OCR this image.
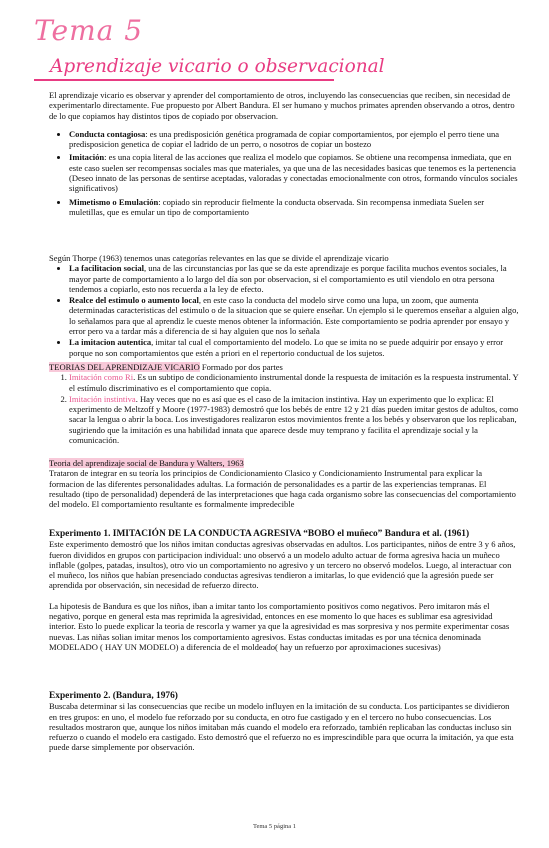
Tema 5
Aprendizaje vicario o observacional

El aprendizaje vicario es observar y aprender del comportamiento de otros, incluyendo las consecuencias que reciben, sin necesidad de experimentarlo directamente. Fue propuesto por Albert Bandura. El ser humano y muchos primates aprenden observando a otros, dentro de lo que copiamos hay distintos tipos de copiado por observacion.

• Conducta contagiosa: es una predisposición genética programada de copiar comportamientos, por ejemplo el perro tiene una predisposicion genetica de copiar el ladrido de un perro, o nosotros de copiar un bostezo
• Imitación: es una copia literal de las acciones que realiza el modelo que copiamos. Se obtiene una recompensa inmediata, que en este caso suelen ser recompensas sociales mas que materiales, ya que una de las necesidades basicas que tenemos es la pertenencia (Deseo innato de las personas de sentirse aceptadas, valoradas y conectadas emocionalmente con otros, formando vínculos sociales significativos)
• Mimetismo o Emulación: copiado sin reproducir fielmente la conducta observada. Sin recompensa inmediata Suelen ser muletillas, que es emular un tipo de comportamiento

Según Thorpe (1963) tenemos unas categorías relevantes en las que se divide el aprendizaje vicario

• La facilitacion social, una de las circunstancias por las que se da este aprendizaje es porque facilita muchos eventos sociales, la mayor parte de comportamiento a lo largo del día son por observacion, si el comportamiento es util viendolo en otra persona tendemos a copiarlo, esto nos recuerda a la ley de efecto.
• Realce del estimulo o aumento local, en este caso la conducta del modelo sirve como una lupa, un zoom, que aumenta determinadas caracteristicas del estimulo o de la situacion que se quiere enseñar. Un ejemplo si le queremos enseñar a alguien algo, lo señalamos para que al aprendiz le cueste menos obtener la información. Este comportamiento se podria aprender por ensayo y error pero va a tardar más a diferencia de si hay alguien que nos lo señala
• La imitacion autentica, imitar tal cual el comportamiento del modelo. Lo que se imita no se puede adquirir por ensayo y error porque no son comportamientos que estén a priori en el repertorio conductual de los sujetos.

TEORIAS DEL APRENDIZAJE VICARIO Formado por dos partes

1. Imitación como Ri. Es un subtipo de condicionamiento instrumental donde la respuesta de imitación es la respuesta instrumental. Y el estímulo discriminativo es el comportamiento que copia.
2. Imitación instintiva. Hay veces que no es así que es el caso de la imitacion instintiva. Hay un experimento que lo explica: El experimento de Meltzoff y Moore (1977-1983) demostró que los bebés de entre 12 y 21 días pueden imitar gestos de adultos, como sacar la lengua o abrir la boca. Los investigadores realizaron estos movimientos frente a los bebés y observaron que los replicaban, sugiriendo que la imitación es una habilidad innata que aparece desde muy temprano y facilita el aprendizaje social y la comunicación.

Teoria del aprendizaje social de Bandura y Walters, 1963

Trataron de integrar en su teoría los principios de Condicionamiento Clasico y Condicionamiento Instrumental para explicar la formacion de las diferentes personalidades adultas. La formación de personalidades es a partir de las experiencias tempranas. El resultado (tipo de personalidad) dependerá de las interpretaciones que haga cada organismo sobre las consecuencias del comportamiento del modelo. El comportamiento resultante es formalmente impredecible

Experimento 1. IMITACIÓN DE LA CONDUCTA AGRESIVA “BOBO el muñeco” Bandura et al. (1961)

Este experimento demostró que los niños imitan conductas agresivas observadas en adultos. Los participantes, niños de entre 3 y 6 años, fueron divididos en grupos con participacion individual: uno observó a un modelo adulto actuar de forma agresiva hacia un muñeco inflable (golpes, patadas, insultos), otro vio un comportamiento no agresivo y un tercero no observó modelos. Luego, al interactuar con el muñeco, los niños que habían presenciado conductas agresivas tendieron a imitarlas, lo que evidenció que la agresión puede ser aprendida por observación, sin necesidad de refuerzo directo.

La hipotesis de Bandura es que los niños, iban a imitar tanto los comportamiento positivos como negativos. Pero imitaron más el negativo, porque en general esta mas reprimida la agresividad, entonces en ese momento lo que haces es sublimar esa agresividad interior. Esto lo puede explicar la teoria de rescorla y warner ya que la agresividad es mas sorpresiva y nos permite experimentar cosas nuevas. Las niñas solian imitar menos los comportamiento agresivos. Estas conductas imitadas es por una técnica denominada MODELADO ( HAY UN MODELO) a diferencia de el moldeado( hay un refuerzo por aproximaciones sucesivas)

Experimento 2. (Bandura, 1976)

Buscaba determinar si las consecuencias que recibe un modelo influyen en la imitación de su conducta. Los participantes se dividieron en tres grupos: en uno, el modelo fue reforzado por su conducta, en otro fue castigado y en el tercero no hubo consecuencias. Los resultados mostraron que, aunque los niños imitaban más cuando el modelo era reforzado, también replicaban las conductas incluso sin refuerzo o cuando el modelo era castigado. Esto demostró que el refuerzo no es imprescindible para que ocurra la imitación, ya que esta puede darse simplemente por observación.

Tema 5 página 1
